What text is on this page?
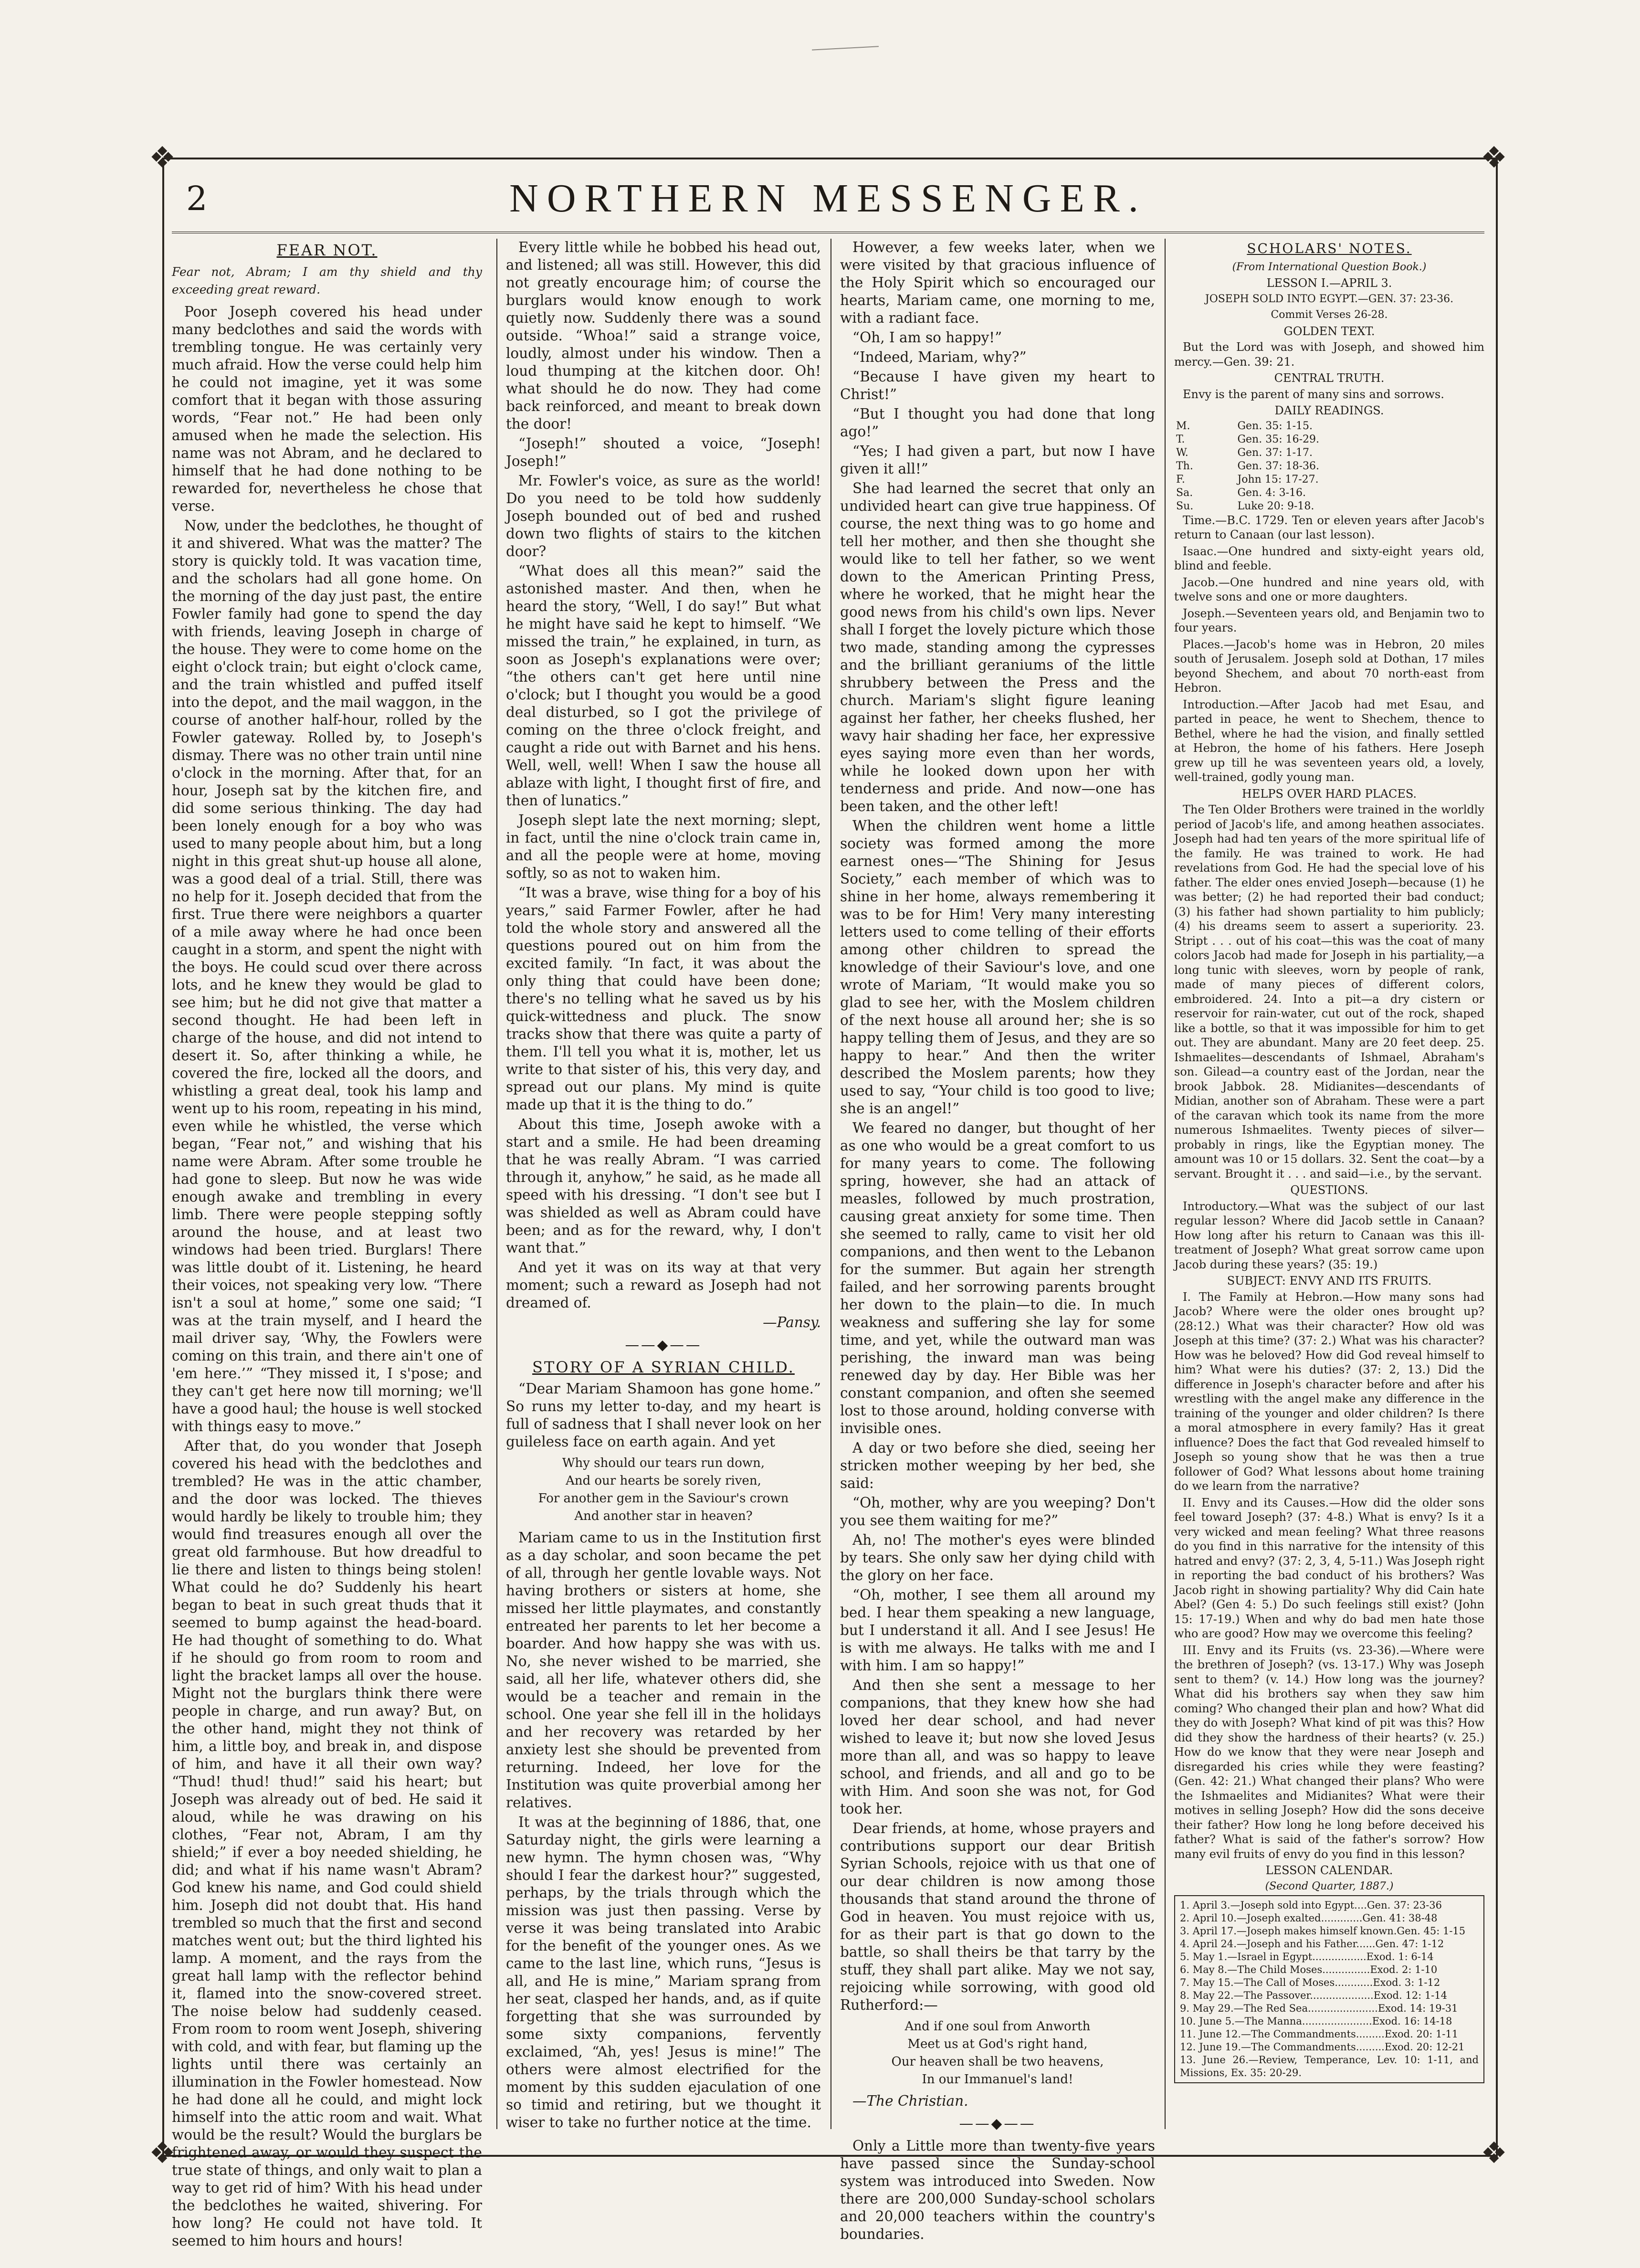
❖	❖
❖	❖
2	NORTHERN MESSENGER.
FEAR NOT.

Fear not, Abram; I am thy shield and thy exceeding great reward.

Poor Joseph covered his head under many bedclothes and said the words with trembling tongue. He was certainly very much afraid. How the verse could help him he could not imagine, yet it was some comfort that it began with those assuring words, “Fear not.” He had been only amused when he made the selection. His name was not Abram, and he declared to himself that he had done nothing to be rewarded for, nevertheless he chose that verse.

Now, under the bedclothes, he thought of it and shivered. What was the matter? The story is quickly told. It was vacation time, and the scholars had all gone home. On the morning of the day just past, the entire Fowler family had gone to spend the day with friends, leaving Joseph in charge of the house. They were to come home on the eight o'clock train; but eight o'clock came, and the train whistled and puffed itself into the depot, and the mail waggon, in the course of another half-hour, rolled by the Fowler gateway. Rolled by, to Joseph's dismay. There was no other train until nine o'clock in the morning. After that, for an hour, Joseph sat by the kitchen fire, and did some serious thinking. The day had been lonely enough for a boy who was used to many people about him, but a long night in this great shut-up house all alone, was a good deal of a trial. Still, there was no help for it. Joseph decided that from the first. True there were neighbors a quarter of a mile away where he had once been caught in a storm, and spent the night with the boys. He could scud over there across lots, and he knew they would be glad to see him; but he did not give that matter a second thought. He had been left in charge of the house, and did not intend to desert it. So, after thinking a while, he covered the fire, locked all the doors, and whistling a great deal, took his lamp and went up to his room, repeating in his mind, even while he whistled, the verse which began, “Fear not,” and wishing that his name were Abram. After some trouble he had gone to sleep. But now he was wide enough awake and trembling in every limb. There were people stepping softly around the house, and at least two windows had been tried. Burglars! There was little doubt of it. Listening, he heard their voices, not speaking very low. “There isn't a soul at home,” some one said; “I was at the train myself, and I heard the mail driver say, ‘Why, the Fowlers were coming on this train, and there ain't one of 'em here.’” “They missed it, I s'pose; and they can't get here now till morning; we'll have a good haul; the house is well stocked with things easy to move.”

After that, do you wonder that Joseph covered his head with the bedclothes and trembled? He was in the attic chamber, and the door was locked. The thieves would hardly be likely to trouble him; they would find treasures enough all over the great old farmhouse. But how dreadful to lie there and listen to things being stolen! What could he do? Suddenly his heart began to beat in such great thuds that it seemed to bump against the head-board. He had thought of something to do. What if he should go from room to room and light the bracket lamps all over the house. Might not the burglars think there were people in charge, and run away? But, on the other hand, might they not think of him, a little boy, and break in, and dispose of him, and have it all their own way? “Thud! thud! thud!” said his heart; but Joseph was already out of bed. He said it aloud, while he was drawing on his clothes, “Fear not, Abram, I am thy shield;” if ever a boy needed shielding, he did; and what if his name wasn't Abram? God knew his name, and God could shield him. Joseph did not doubt that. His hand trembled so much that the first and second matches went out; but the third lighted his lamp. A moment, and the rays from the great hall lamp with the reflector behind it, flamed into the snow-covered street. The noise below had suddenly ceased. From room to room went Joseph, shivering with cold, and with fear, but flaming up the lights until there was certainly an illumination in the Fowler homestead. Now he had done all he could, and might lock himself into the attic room and wait. What would be the result? Would the burglars be frightened away, or would they suspect the true state of things, and only wait to plan a way to get rid of him? With his head under the bedclothes he waited, shivering. For how long? He could not have told. It seemed to him hours and hours!

Every little while he bobbed his head out, and listened; all was still. However, this did not greatly encourage him; of course the burglars would know enough to work quietly now. Suddenly there was a sound outside. “Whoa!” said a strange voice, loudly, almost under his window. Then a loud thumping at the kitchen door. Oh! what should he do now. They had come back reinforced, and meant to break down the door!

“Joseph!” shouted a voice, “Joseph! Joseph!”

Mr. Fowler's voice, as sure as the world! Do you need to be told how suddenly Joseph bounded out of bed and rushed down two flights of stairs to the kitchen door?

“What does all this mean?” said the astonished master. And then, when he heard the story, “Well, I do say!” But what he might have said he kept to himself. “We missed the train,” he explained, in turn, as soon as Joseph's explanations were over; “the others can't get here until nine o'clock; but I thought you would be a good deal disturbed, so I got the privilege of coming on the three o'clock freight, and caught a ride out with Barnet and his hens. Well, well, well! When I saw the house all ablaze with light, I thought first of fire, and then of lunatics.”

Joseph slept late the next morning; slept, in fact, until the nine o'clock train came in, and all the people were at home, moving softly, so as not to waken him.

“It was a brave, wise thing for a boy of his years,” said Farmer Fowler, after he had told the whole story and answered all the questions poured out on him from the excited family. “In fact, it was about the only thing that could have been done; there's no telling what he saved us by his quick-wittedness and pluck. The snow tracks show that there was quite a party of them. I'll tell you what it is, mother, let us write to that sister of his, this very day, and spread out our plans. My mind is quite made up that it is the thing to do.”

About this time, Joseph awoke with a start and a smile. He had been dreaming that he was really Abram. “I was carried through it, anyhow,” he said, as he made all speed with his dressing. “I don't see but I was shielded as well as Abram could have been; and as for the reward, why, I don't want that.”

And yet it was on its way at that very moment; such a reward as Joseph had not dreamed of.

—Pansy.

——◆——
STORY OF A SYRIAN CHILD.

“Dear Mariam Shamoon has gone home.” So runs my letter to-day, and my heart is full of sadness that I shall never look on her guileless face on earth again. And yet

Why should our tears run down,
And our hearts be sorely riven,
For another gem in the Saviour's crown
And another star in heaven?

Mariam came to us in the Institution first as a day scholar, and soon became the pet of all, through her gentle lovable ways. Not having brothers or sisters at home, she missed her little playmates, and constantly entreated her parents to let her become a boarder. And how happy she was with us. No, she never wished to be married, she said, all her life, whatever others did, she would be a teacher and remain in the school. One year she fell ill in the holidays and her recovery was retarded by her anxiety lest she should be prevented from returning. Indeed, her love for the Institution was quite proverbial among her relatives.

It was at the beginning of 1886, that, one Saturday night, the girls were learning a new hymn. The hymn chosen was, “Why should I fear the darkest hour?” suggested, perhaps, by the trials through which the mission was just then passing. Verse by verse it was being translated into Arabic for the benefit of the younger ones. As we came to the last line, which runs, “Jesus is all, and He is mine,” Mariam sprang from her seat, clasped her hands, and, as if quite forgetting that she was surrounded by some sixty companions, fervently exclaimed, “Ah, yes! Jesus is mine!” The others were almost electrified for the moment by this sudden ejaculation of one so timid and retiring, but we thought it wiser to take no further notice at the time.

However, a few weeks later, when we were visited by that gracious influence of the Holy Spirit which so encouraged our hearts, Mariam came, one morning to me, with a radiant face.

“Oh, I am so happy!”

“Indeed, Mariam, why?”

“Because I have given my heart to Christ!”

“But I thought you had done that long ago!”

“Yes; I had given a part, but now I have given it all!”

She had learned the secret that only an undivided heart can give true happiness. Of course, the next thing was to go home and tell her mother, and then she thought she would like to tell her father, so we went down to the American Printing Press, where he worked, that he might hear the good news from his child's own lips. Never shall I forget the lovely picture which those two made, standing among the cypresses and the brilliant geraniums of the little shrubbery between the Press and the church. Mariam's slight figure leaning against her father, her cheeks flushed, her wavy hair shading her face, her expressive eyes saying more even than her words, while he looked down upon her with tenderness and pride. And now—one has been taken, and the other left!

When the children went home a little society was formed among the more earnest ones—“The Shining for Jesus Society,” each member of which was to shine in her home, always remembering it was to be for Him! Very many interesting letters used to come telling of their efforts among other children to spread the knowledge of their Saviour's love, and one wrote of Mariam, “It would make you so glad to see her, with the Moslem children of the next house all around her; she is so happy telling them of Jesus, and they are so happy to hear.” And then the writer described the Moslem parents; how they used to say, “Your child is too good to live; she is an angel!”

We feared no danger, but thought of her as one who would be a great comfort to us for many years to come. The following spring, however, she had an attack of measles, followed by much prostration, causing great anxiety for some time. Then she seemed to rally, came to visit her old companions, and then went to the Lebanon for the summer. But again her strength failed, and her sorrowing parents brought her down to the plain—to die. In much weakness and suffering she lay for some time, and yet, while the outward man was perishing, the inward man was being renewed day by day. Her Bible was her constant companion, and often she seemed lost to those around, holding converse with invisible ones.

A day or two before she died, seeing her stricken mother weeping by her bed, she said:

“Oh, mother, why are you weeping? Don't you see them waiting for me?”

Ah, no! The mother's eyes were blinded by tears. She only saw her dying child with the glory on her face.

“Oh, mother, I see them all around my bed. I hear them speaking a new language, but I understand it all. And I see Jesus! He is with me always. He talks with me and I with him. I am so happy!”

And then she sent a message to her companions, that they knew how she had loved her dear school, and had never wished to leave it; but now she loved Jesus more than all, and was so happy to leave school, and friends, and all and go to be with Him. And soon she was not, for God took her.

Dear friends, at home, whose prayers and contributions support our dear British Syrian Schools, rejoice with us that one of our dear children is now among those thousands that stand around the throne of God in heaven. You must rejoice with us, for as their part is that go down to the battle, so shall theirs be that tarry by the stuff, they shall part alike. May we not say, rejoicing while sorrowing, with good old Rutherford:—

And if one soul from Anworth
Meet us at God's right hand,
Our heaven shall be two heavens,
In our Immanuel's land!

—The Christian.

——◆——

Only a Little more than twenty-five years have passed since the Sunday-school system was introduced into Sweden. Now there are 200,000 Sunday-school scholars and 20,000 teachers within the country's boundaries.

SCHOLARS' NOTES.

(From International Question Book.)

LESSON I.—APRIL 3.

JOSEPH SOLD INTO EGYPT.—GEN. 37: 23-36.

Commit Verses 26-28.

GOLDEN TEXT.

But the Lord was with Joseph, and showed him mercy.—Gen. 39: 21.

CENTRAL TRUTH.

Envy is the parent of many sins and sorrows.

DAILY READINGS.

M.	Gen. 35: 1-15.
T.	Gen. 35: 16-29.
W.	Gen. 37: 1-17.
Th.	Gen. 37: 18-36.
F.	John 15: 17-27.
Sa.	Gen. 4: 3-16.
Su.	Luke 20: 9-18.

Time.—B.C. 1729. Ten or eleven years after Jacob's return to Canaan (our last lesson).

Isaac.—One hundred and sixty-eight years old, blind and feeble.

Jacob.—One hundred and nine years old, with twelve sons and one or more daughters.

Joseph.—Seventeen years old, and Benjamin two to four years.

Places.—Jacob's home was in Hebron, 20 miles south of Jerusalem. Joseph sold at Dothan, 17 miles beyond Shechem, and about 70 north-east from Hebron.

Introduction.—After Jacob had met Esau, and parted in peace, he went to Shechem, thence to Bethel, where he had the vision, and finally settled at Hebron, the home of his fathers. Here Joseph grew up till he was seventeen years old, a lovely, well-trained, godly young man.

HELPS OVER HARD PLACES.

The Ten Older Brothers were trained in the worldly period of Jacob's life, and among heathen associates. Joseph had had ten years of the more spiritual life of the family. He was trained to work. He had revelations from God. He had the special love of his father. The elder ones envied Joseph—because (1) he was better; (2) he had reported their bad conduct; (3) his father had shown partiality to him publicly; (4) his dreams seem to assert a superiority. 23. Stript . . . out of his coat—this was the coat of many colors Jacob had made for Joseph in his partiality,—a long tunic with sleeves, worn by people of rank, made of many pieces of different colors, embroidered. 24. Into a pit—a dry cistern or reservoir for rain-water, cut out of the rock, shaped like a bottle, so that it was impossible for him to get out. They are abundant. Many are 20 feet deep. 25. Ishmaelites—descendants of Ishmael, Abraham's son. Gilead—a country east of the Jordan, near the brook Jabbok. 28. Midianites—descendants of Midian, another son of Abraham. These were a part of the caravan which took its name from the more numerous Ishmaelites. Twenty pieces of silver—probably in rings, like the Egyptian money. The amount was 10 or 15 dollars. 32. Sent the coat—by a servant. Brought it . . . and said—i.e., by the servant.

QUESTIONS.

Introductory.—What was the subject of our last regular lesson? Where did Jacob settle in Canaan? How long after his return to Canaan was this ill-treatment of Joseph? What great sorrow came upon Jacob during these years? (35: 19.)

SUBJECT: ENVY AND ITS FRUITS.

I. The Family at Hebron.—How many sons had Jacob? Where were the older ones brought up? (28:12.) What was their character? How old was Joseph at this time? (37: 2.) What was his character? How was he beloved? How did God reveal himself to him? What were his duties? (37: 2, 13.) Did the difference in Joseph's character before and after his wrestling with the angel make any difference in the training of the younger and older children? Is there a moral atmosphere in every family? Has it great influence? Does the fact that God revealed himself to Joseph so young show that he was then a true follower of God? What lessons about home training do we learn from the narrative?

II. Envy and its Causes.—How did the older sons feel toward Joseph? (37: 4-8.) What is envy? Is it a very wicked and mean feeling? What three reasons do you find in this narrative for the intensity of this hatred and envy? (37: 2, 3, 4, 5-11.) Was Joseph right in reporting the bad conduct of his brothers? Was Jacob right in showing partiality? Why did Cain hate Abel? (Gen 4: 5.) Do such feelings still exist? (John 15: 17-19.) When and why do bad men hate those who are good? How may we overcome this feeling?

III. Envy and its Fruits (vs. 23-36).—Where were the brethren of Joseph? (vs. 13-17.) Why was Joseph sent to them? (v. 14.) How long was the journey? What did his brothers say when they saw him coming? Who changed their plan and how? What did they do with Joseph? What kind of pit was this? How did they show the hardness of their hearts? (v. 25.) How do we know that they were near Joseph and disregarded his cries while they were feasting? (Gen. 42: 21.) What changed their plans? Who were the Ishmaelites and Midianites? What were their motives in selling Joseph? How did the sons deceive their father? How long he long before deceived his father? What is said of the father's sorrow? How many evil fruits of envy do you find in this lesson?

LESSON CALENDAR.

(Second Quarter, 1887.)

1. April 3.—Joseph sold into Egypt....Gen. 37: 23-36
2. April 10.—Joseph exalted.............Gen. 41: 38-48
3. April 17.—Joseph makes himself known.Gen. 45: 1-15
4. April 24.—Joseph and his Father......Gen. 47: 1-12
5. May 1.—Israel in Egypt.................Exod. 1: 6-14
6. May 8.—The Child Moses...............Exod. 2: 1-10
7. May 15.—The Call of Moses............Exod. 3: 1-12
8. May 22.—The Passover....................Exod. 12: 1-14
9. May 29.—The Red Sea......................Exod. 14: 19-31
10. June 5.—The Manna......................Exod. 16: 14-18
11. June 12.—The Commandments.........Exod. 20: 1-11
12. June 19.—The Commandments.........Exod. 20: 12-21
13. June 26.—Review, Temperance, Lev. 10: 1-11, and Missions, Ex. 35: 20-29.
